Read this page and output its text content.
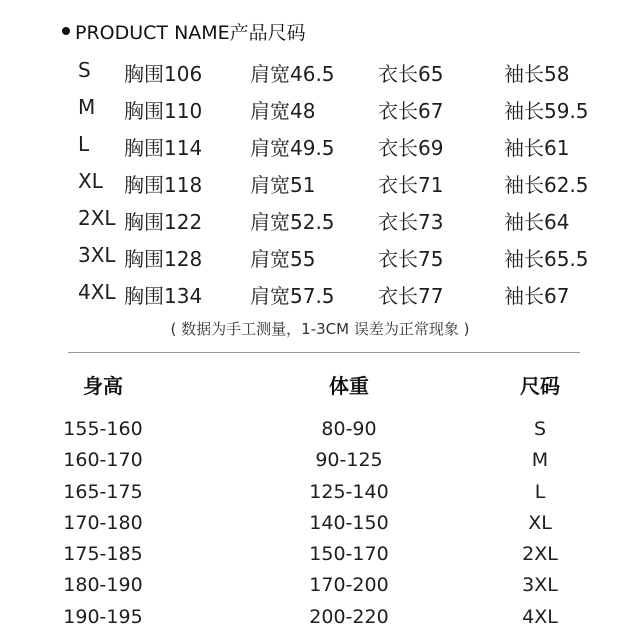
PRODUCT NAME产品尺码
S 胸围106 肩宽46.5 衣长65	袖长58
M 胸围110 肩宽48	衣长67	袖长59.5
L 胸围114 肩宽49.5 衣长69	袖长61
XL 胸围118 肩宽51	衣长71	袖长62.5
2XL 胸围122 肩宽52.5 衣长73	袖长64
3XL 胸围128 肩宽55	衣长75	袖长65.5
4XL 胸围134 肩宽57.5 衣长77	袖长67
( 数据为手工测量，1-3CM 误差为正常现象 )
身高	体重	尺码
155-160	80-90	S
160-170	90-125	M
165-175	125-140	L
170-180	140-150	XL
175-185	150-170	2XL
180-190	170-200	3XL
190-195	200-220	4XL
